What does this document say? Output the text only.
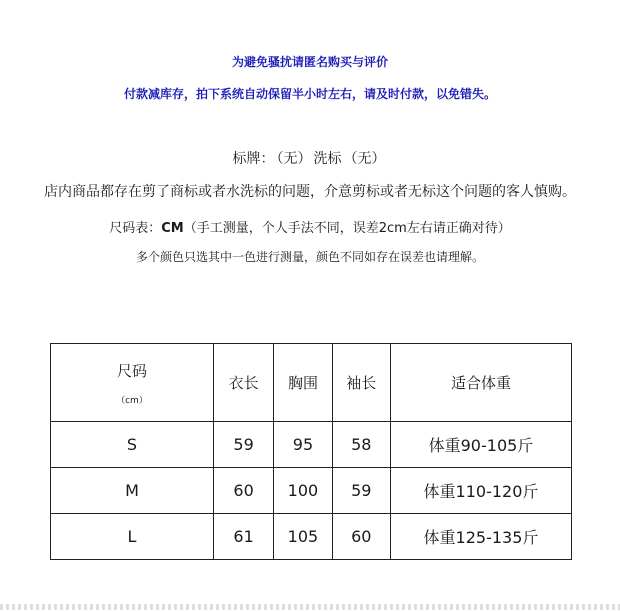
为避免骚扰请匿名购买与评价
付款减库存，拍下系统自动保留半小时左右，请及时付款，以免错失。
标牌： （无） 洗标 （无）
店内商品都存在剪了商标或者水洗标的问题，介意剪标或者无标这个问题的客人慎购。
尺码表：CM（手工测量，个人手法不同，误差2cm左右请正确对待）
多个颜色只选其中一色进行测量，颜色不同如存在误差也请理解。
尺码
（cm）	衣长	胸围	袖长	适合体重
S	59	95	58	体重90-105斤
M	60	100	59	体重110-120斤
L	61	105	60	体重125-135斤
